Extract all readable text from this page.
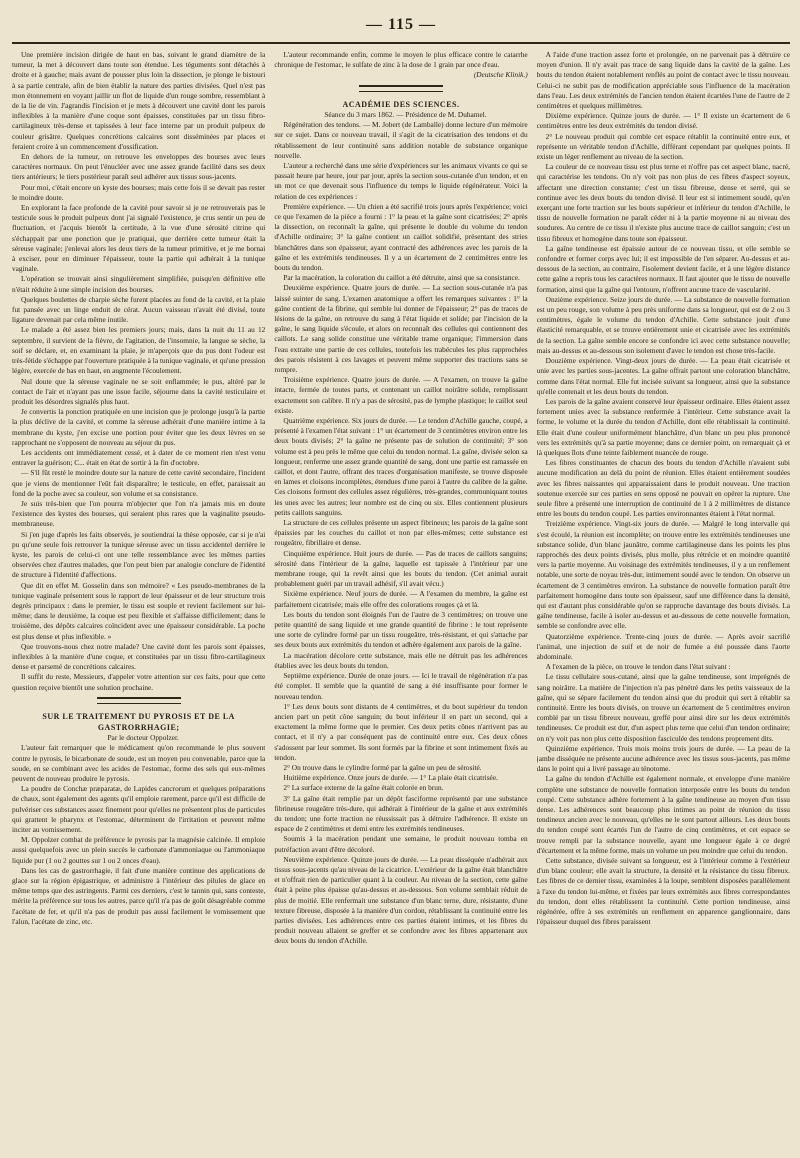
— 115 —

Une première incision dirigée de haut en bas, suivant le grand diamètre de la tumeur, la met à découvert dans toute son étendue. Les téguments sont détachés à droite et à gauche; mais avant de pousser plus loin la dissection, je plonge le bistouri à sa partie centrale, afin de bien établir la nature des parties divisées. Quel n'est pas mon étonnement en voyant jaillir un flot de liquide d'un rouge sombre, ressemblant à de la lie de vin. J'agrandis l'incision et je mets à découvert une cavité dont les parois inflexibles à la manière d'une coque sont épaisses, constituées par un tissu fibro-cartilagineux très-dense et tapissées à leur face interne par un produit pulpeux de couleur grisâtre. Quelques concrétions calcaires sont disséminées par places et feraient croire à un commencement d'ossification.

En dehors de la tumeur, on retrouve les enveloppes des bourses avec leurs caractères normaux. On peut l'énucléer avec une assez grande facilité dans ses deux tiers antérieurs; le tiers postérieur paraît seul adhérer aux tissus sous-jacents.

Pour moi, c'était encore un kyste des bourses; mais cette fois il se devait pas rester le moindre doute.

En explorant la face profonde de la cavité pour savoir si je ne retrouverais pas le testicule sous le produit pulpeux dont j'ai signalé l'existence, je crus sentir un peu de fluctuation, et j'acquis bientôt la certitude, à la vue d'une sérosité citrine qui s'échappait par une ponction que je pratiquai, que derrière cette tumeur était la séreuse vaginale; j'enlevai alors les deux tiers de la tumeur primitive, et je me bornai à exciser, pour en diminuer l'épaisseur, toute la partie qui adhérait à la tunique vaginale.

L'opération se trouvait ainsi singulièrement simplifiée, puisqu'en définitive elle n'était réduite à une simple incision des bourses.

Quelques boulettes de charpie sèche furent placées au fond de la cavité, et la plaie fut pansée avec un linge enduit de cérat. Aucun vaisseau n'avait été divisé, toute ligature devenait par cela même inutile.

Le malade a été assez bien les premiers jours; mais, dans la nuit du 11 au 12 septembre, il survient de la fièvre, de l'agitation, de l'insomnie, la langue se sèche, la soif se déclare, et, en examinant la plaie, je m'aperçois que du pus dont l'odeur est très-fétide s'échappe par l'ouverture pratiquée à la tunique vaginale, et qu'une pression légère, exercée de bas en haut, en augmente l'écoulement.

Nul doute que la séreuse vaginale ne se soit enflammée; le pus, altéré par le contact de l'air et n'ayant pas une issue facile, séjourne dans la cavité testiculaire et produit les désordres signalés plus haut.

Je convertis la ponction pratiquée en une incision que je prolonge jusqu'à la partie la plus déclive de la cavité, et comme la séreuse adhérait d'une manière intime à la membrane du kyste, j'en excise une portion pour éviter que les deux lèvres en se rapprochant ne s'opposent de nouveau au séjour du pus.

Les accidents ont immédiatement cessé, et à dater de ce moment rien n'est venu entraver la guérison; C... était en état de sortir à la fin d'octobre.

— S'il fût resté le moindre doute sur la nature de cette cavité secondaire, l'incident que je viens de mentionner l'eût fait disparaître; le testicule, en effet, paraissait au fond de la poche avec sa couleur, son volume et sa consistance.

Je suis très-bien que l'on pourra m'objecter que l'on n'a jamais mis en doute l'existence des kystes des bourses, qui seraient plus rares que la vaginalite pseudo-membraneuse.

Si j'en juge d'après les faits observés, je soutiendrai la thèse opposée, car si je n'ai pu qu'une seule fois retrouver la tunique séreuse avec un tissu accidentel derrière le kyste, les parois de celui-ci ont une telle ressemblance avec les mêmes parties observées chez d'autres malades, que l'on peut bien par analogie conclure de l'identité de structure à l'identité d'affections.

Que dit en effet M. Gosselin dans son mémoire? « Les pseudo-membranes de la tunique vaginale présentent sous le rapport de leur épaisseur et de leur structure trois degrés principaux : dans le premier, le tissu est souple et revient facilement sur lui-même; dans le deuxième, la coque est peu flexible et s'affaisse difficilement; dans le troisième, des dépôts calcaires coïncident avec une épaisseur considérable. La poche est plus dense et plus inflexible. »

Que trouvons-nous chez notre malade? Une cavité dont les parois sont épaisses, inflexibles à la manière d'une coque, et constituées par un tissu fibro-cartilagineux dense et parsemé de concrétions calcaires.

Il suffit du reste, Messieurs, d'appeler votre attention sur ces faits, pour que cette question reçoive bientôt une solution prochaine.

SUR LE TRAITEMENT DU PYROSIS ET DE LA GASTRORRHAGIE;

Par le docteur Oppolzer.

L'auteur fait remarquer que le médicament qu'on recommande le plus souvent contre le pyrosis, le bicarbonate de soude, est un moyen peu convenable, parce que la soude, en se combinant avec les acides de l'estomac, forme des sels qui eux-mêmes peuvent de nouveau produire le pyrosis.

La poudre de Conchæ præparatæ, de Lapides cancrorum et quelques préparations de chaux, sont également des agents qu'il emploie rarement, parce qu'il est difficile de pulvériser ces substances assez finement pour qu'elles ne présentent plus de particules qui grattent le pharynx et l'estomac, déterminent de l'irritation et peuvent même inciter au vomissement.

M. Oppolzer combat de préférence le pyrosis par la magnésie calcinée. Il emploie aussi quelquefois avec un plein succès le carbonate d'ammoniaque ou l'ammoniaque liquide pur (1 ou 2 gouttes sur 1 ou 2 onces d'eau).

Dans les cas de gastrorrhagie, il fait d'une manière continue des applications de glace sur la région épigastrique, et administre à l'intérieur des pilules de glace en même temps que des astringents. Parmi ces derniers, c'est le tannin qui, sans conteste, mérite la préférence sur tous les autres, parce qu'il n'a pas de goût désagréable comme l'acétate de fer, et qu'il n'a pas de produit pas aussi facilement le vomissement que l'alun, l'acétate de zinc, etc.

L'auteur recommande enfin, comme le moyen le plus efficace contre le catarrhe chronique de l'estomac, le sulfate de zinc à la dose de 1 grain par once d'eau.

(Deutsche Klinik.)

ACADÉMIE DES SCIENCES.

Séance du 3 mars 1862. — Présidence de M. Duhamel.

Régénération des tendons. — M. Jobert (de Lamballe) donne lecture d'un mémoire sur ce sujet. Dans ce nouveau travail, il s'agit de la cicatrisation des tendons et du rétablissement de leur continuité sans addition notable de substance organique nouvelle.

L'auteur a recherché dans une série d'expériences sur les animaux vivants ce qui se passait heure par heure, jour par jour, après la section sous-cutanée d'un tendon, et en un mot ce que devenait sous l'influence du temps le liquide régénérateur. Voici la relation de ces expériences :

Première expérience. — Un chien a été sacrifié trois jours après l'expérience; voici ce que l'examen de la pièce a fourni : 1° la peau et la gaîne sont cicatrisées; 2° après la dissection, on reconnaît la gaîne, qui présente le double du volume du tendon d'Achille ordinaire; 3° la gaîne contient un caillot solidifié, présentant des stries blanchâtres dans son épaisseur, ayant contracté des adhérences avec les parois de la gaîne et les extrémités tendineuses. Il y a un écartement de 2 centimètres entre les bouts du tendon.

Par la macération, la coloration du caillot a été détruite, ainsi que sa consistance.

Deuxième expérience. Quatre jours de durée. — La section sous-cutanée n'a pas laissé suinter de sang. L'examen anatomique a offert les remarques suivantes : 1° la gaîne contient de la fibrine, qui semble lui donner de l'épaisseur; 2° pas de traces de lésions de la gaîne, on retrouve du sang à l'état liquide et solide; par l'incision de la gaîne, le sang liquide s'écoule, et alors on reconnaît des cellules qui contiennent des caillots. Le sang solide constitue une véritable trame organique; l'immersion dans l'eau extraite une partie de ces cellules, toutefois les trabécules les plus rapprochées des parois résistent à ces lavages et peuvent même supporter des tractions sans se rompre.

Troisième expérience. Quatre jours de durée. — A l'examen, on trouve la gaîne intacte, fermée de toutes parts, et contenant un caillot noirâtre solide, remplissant exactement son calibre. Il n'y a pas de sérosité, pas de lymphe plastique; le caillot seul existe.

Quatrième expérience. Six jours de durée. — Le tendon d'Achille gauche, coupé, a présenté à l'examen l'état suivant : 1° un écartement de 3 centimètres environ entre les deux bouts divisés; 2° la gaîne ne présente pas de solution de continuité; 3° son volume est à peu près le même que celui du tendon normal. La gaîne, divisée selon sa longueur, renferme une assez grande quantité de sang, dont une partie est ramassée en caillot, et dont l'autre, offrant des traces d'organisation manifeste, se trouve disposée en lames et cloisons incomplètes, étendues d'une paroi à l'autre du calibre de la gaîne. Ces cloisons forment des cellules assez régulières, très-grandes, communiquant toutes les unes avec les autres; leur nombre est de cinq ou six. Elles contiennent plusieurs petits caillots sanguins.

La structure de ces cellules présente un aspect fibrineux; les parois de la gaîne sont épaissies par les couches du caillot et non par elles-mêmes; cette substance est rougeâtre, fibrillaire et dense.

Cinquième expérience. Huit jours de durée. — Pas de traces de caillots sanguins; sérosité dans l'intérieur de la gaîne, laquelle est tapissée à l'intérieur par une membrane rouge, qui la revêt ainsi que les bouts du tendon. (Cet animal aurait probablement guéri par un travail adhésif, s'il avait vécu.)

Sixième expérience. Neuf jours de durée. — A l'examen du membre, la gaîne est parfaitement cicatrisée; mais elle offre des colorations rouges çà et là.

Les bouts du tendon sont éloignés l'un de l'autre de 3 centimètres; on trouve une petite quantité de sang liquide et une grande quantité de fibrine : le tout représente une sorte de cylindre formé par un tissu rougeâtre, très-résistant, et qui s'attache par ses deux bouts aux extrémités du tendon et adhère également aux parois de la gaîne.

La macération décolore cette substance, mais elle ne détruit pas les adhérences établies avec les deux bouts du tendon.

Septième expérience. Durée de onze jours. — Ici le travail de régénération n'a pas été complet. Il semble que la quantité de sang a été insuffisante pour former le nouveau tendon.

1° Les deux bouts sont distants de 4 centimètres, et du bout supérieur du tendon ancien part un petit cône sanguin; du bout inférieur il en part un second, qui a exactement la même forme que le premier. Ces deux petits cônes n'arrivent pas au contact, et il n'y a par conséquent pas de continuité entre eux. Ces deux cônes s'adossent par leur sommet. Ils sont formés par la fibrine et sont intimement fixés au tendon.

2° On trouve dans le cylindre formé par la gaîne un peu de sérosité.

Huitième expérience. Onze jours de durée. — 1° La plaie était cicatrisée.

2° La surface externe de la gaîne était colorée en brun.

3° La gaîne était remplie par un dépôt fasciforme représenté par une substance fibrineuse rougeâtre très-dure, qui adhérait à l'intérieur de la gaîne et aux extrémités du tendon; une forte traction ne réussissait pas à détruire l'adhérence. Il existe un espace de 2 centimètres et demi entre les extrémités tendineuses.

Soumis à la macération pendant une semaine, le produit nouveau tomba en putréfaction avant d'être décoloré.

Neuvième expérience. Quinze jours de durée. — La peau disséquée n'adhérait aux tissus sous-jacents qu'au niveau de la cicatrice. L'extérieur de la gaîne était blanchâtre et n'offrait rien de particulier quant à la couleur. Au niveau de la section, cette gaîne était à peine plus épaisse qu'au-dessus et au-dessous. Son volume semblait réduit de plus de moitié. Elle renfermait une substance d'un blanc terne, dure, résistante, d'une texture fibreuse, disposée à la manière d'un cordon, rétablissant la continuité entre les parties divisées. Les adhérences entre ces parties étaient intimes, et les fibres du produit nouveau allaient se greffer et se confondre avec les fibres appartenant aux deux bouts du tendon d'Achille.

A l'aide d'une traction assez forte et prolongée, on ne parvenait pas à détruire ce moyen d'union. Il n'y avait pas trace de sang liquide dans la cavité de la gaîne. Les bouts du tendon étaient notablement renflés au point de contact avec le tissu nouveau. Celui-ci ne subit pas de modification appréciable sous l'influence de la macération dans l'eau. Les deux extrémités de l'ancien tendon étaient écartées l'une de l'autre de 2 centimètres et quelques millimètres.

Dixième expérience. Quinze jours de durée. — 1° Il existe un écartement de 6 centimètres entre les deux extrémités du tendon divisé.

2° Le nouveau produit qui comble cet espace rétablit la continuité entre eux, et représente un véritable tendon d'Achille, différant cependant par quelques points. Il existe un léger renflement au niveau de la section.

La couleur de ce nouveau tissu est plus terne et n'offre pas cet aspect blanc, nacré, qui caractérise les tendons. On n'y voit pas non plus de ces fibres d'aspect soyeux, affectant une direction constante; c'est un tissu fibreuse, dense et serré, qui se continue avec les deux bouts du tendon divisé. Il leur est si intimement soudé, qu'en exerçant une forte traction sur les bouts supérieur et inférieur du tendon d'Achille, le tissu de nouvelle formation ne paraît céder ni à la partie moyenne ni au niveau des soudures. Au centre de ce tissu il n'existe plus aucune trace de caillot sanguin; c'est un tissu fibreux et homogène dans toute son épaisseur.

La gaîne tendineuse est épaissie autour de ce nouveau tissu, et elle semble se confondre et former corps avec lui; il est impossible de l'en séparer. Au-dessus et au-dessous de la section, au contraire, l'isolement devient facile, et à une légère distance cette gaîne a repris tous les caractères normaux. Il faut ajouter que le tissu de nouvelle formation, ainsi que la gaîne qui l'entoure, n'offrent aucune trace de vascularité.

Onzième expérience. Seize jours de durée. — La substance de nouvelle formation est un peu rouge, son volume à peu près uniforme dans sa longueur, qui est de 2 ou 3 centimètres, égale le volume du tendon d'Achille. Cette substance jouit d'une élasticité remarquable, et se trouve entièrement unie et cicatrisée avec les extrémités de la section. La gaîne semble encore se confondre ici avec cette substance nouvelle; mais au-dessus et au-dessous son isolement d'avec le tendon est chose très-facile.

Douzième expérience. Vingt-deux jours de durée. — La peau était cicatrisée et unie avec les parties sous-jacentes. La gaîne offrait partout une coloration blanchâtre, comme dans l'état normal. Elle fut incisée suivant sa longueur, ainsi que la substance qu'elle contenait et les deux bouts du tendon.

Les parois de la gaîne avaient conservé leur épaisseur ordinaire. Elles étaient assez fortement unies avec la substance renfermée à l'intérieur. Cette substance avait la forme, le volume et la durée du tendon d'Achille, dont elle rétablissait la continuité. Elle était d'une couleur uniformément blanchâtre, d'un blanc un peu plus prononcé vers les extrémités qu'à sa partie moyenne; dans ce dernier point, on remarquait çà et là quelques îlots d'une teinte faiblement nuancée de rouge.

Les fibres constituantes de chacun des bouts du tendon d'Achille n'avaient subi aucune modification au delà du point de réunion. Elles étaient entièrement soudées avec les fibres naissantes qui apparaissaient dans le produit nouveau. Une traction soutenue exercée sur ces parties en sens opposé ne pouvait en opérer la rupture. Une seule fibre a présenté une interruption de continuité de 1 à 2 millimètres de distance entre les bouts du tendon coupé. Les parties environnantes étaient à l'état normal.

Treizième expérience. Vingt-six jours de durée. — Malgré le long intervalle qui s'est écoulé, la réunion est incomplète; on trouve entre les extrémités tendineuses une substance solide, d'un blanc jaunâtre, comme cartilagineuse dans les points les plus rapprochés des deux points divisés, plus molle, plus rétrécie et en moindre quantité vers la partie moyenne. Au voisinage des extrémités tendineuses, il y a un renflement notable, une sorte de noyau très-dur, intimement soudé avec le tendon. On observe un écartement de 3 centimètres environ. La substance de nouvelle formation paraît être parfaitement homogène dans toute son épaisseur, sauf une différence dans la densité, qui est d'autant plus considérable qu'on se rapproche davantage des bouts divisés. La gaîne tendineuse, facile à isoler au-dessus et au-dessous de cette nouvelle formation, semble se confondre avec elle.

Quatorzième expérience. Trente-cinq jours de durée. — Après avoir sacrifié l'animal, une injection de suif et de noir de fumée a été poussée dans l'aorte abdominale.

A l'examen de la pièce, on trouve le tendon dans l'état suivant :

Le tissu cellulaire sous-cutané, ainsi que la gaîne tendineuse, sont imprégnés de sang noirâtre. La matière de l'injection n'a pas pénétré dans les petits vaisseaux de la gaîne, qui se sépare facilement du tendon ainsi que du produit qui sert à rétablir sa continuité. Entre les bouts divisés, on trouve un écartement de 5 centimètres environ comblé par un tissu fibreux nouveau, greffé pour ainsi dire sur les deux extrémités tendineuses. Ce produit est dur, d'un aspect plus terne que celui d'un tendon ordinaire; on n'y voit pas non plus cette disposition fasciculée des tendons proprement dits.

Quinzième expérience. Trois mois moins trois jours de durée. — La peau de la jambe disséquée ne présente aucune adhérence avec les tissus sous-jacents, pas même dans le point qui a livré passage au ténotome.

La gaîne du tendon d'Achille est également normale, et enveloppe d'une manière complète une substance de nouvelle formation interposée entre les bouts du tendon coupé. Cette substance adhère fortement à la gaîne tendineuse au moyen d'un tissu dense. Les adhérences sont beaucoup plus intimes au point de réunion du tissu tendineux ancien avec le nouveau, qu'elles ne le sont partout ailleurs. Les deux bouts du tendon coupé sont écartés l'un de l'autre de cinq centimètres, et cet espace se trouve rempli par la substance nouvelle, ayant une longueur égale à ce degré d'écartement et la même forme, mais un volume un peu moindre que celui du tendon.

Cette substance, divisée suivant sa longueur, est à l'intérieur comme à l'extérieur d'un blanc couleur; elle avait la structure, la densité et la résistance du tissu fibreux. Les fibres de ce dernier tissu, examinées à la loupe, semblent disposées parallèlement à l'axe du tendon lui-même, et fixées par leurs extrémités aux fibres correspondantes du tendon, dont elles rétablissent la continuité. Cette portion tendineuse, ainsi régénérée, offre à ses extrémités un renflement en apparence ganglionnaire, dans l'épaisseur duquel des fibres paraissent
